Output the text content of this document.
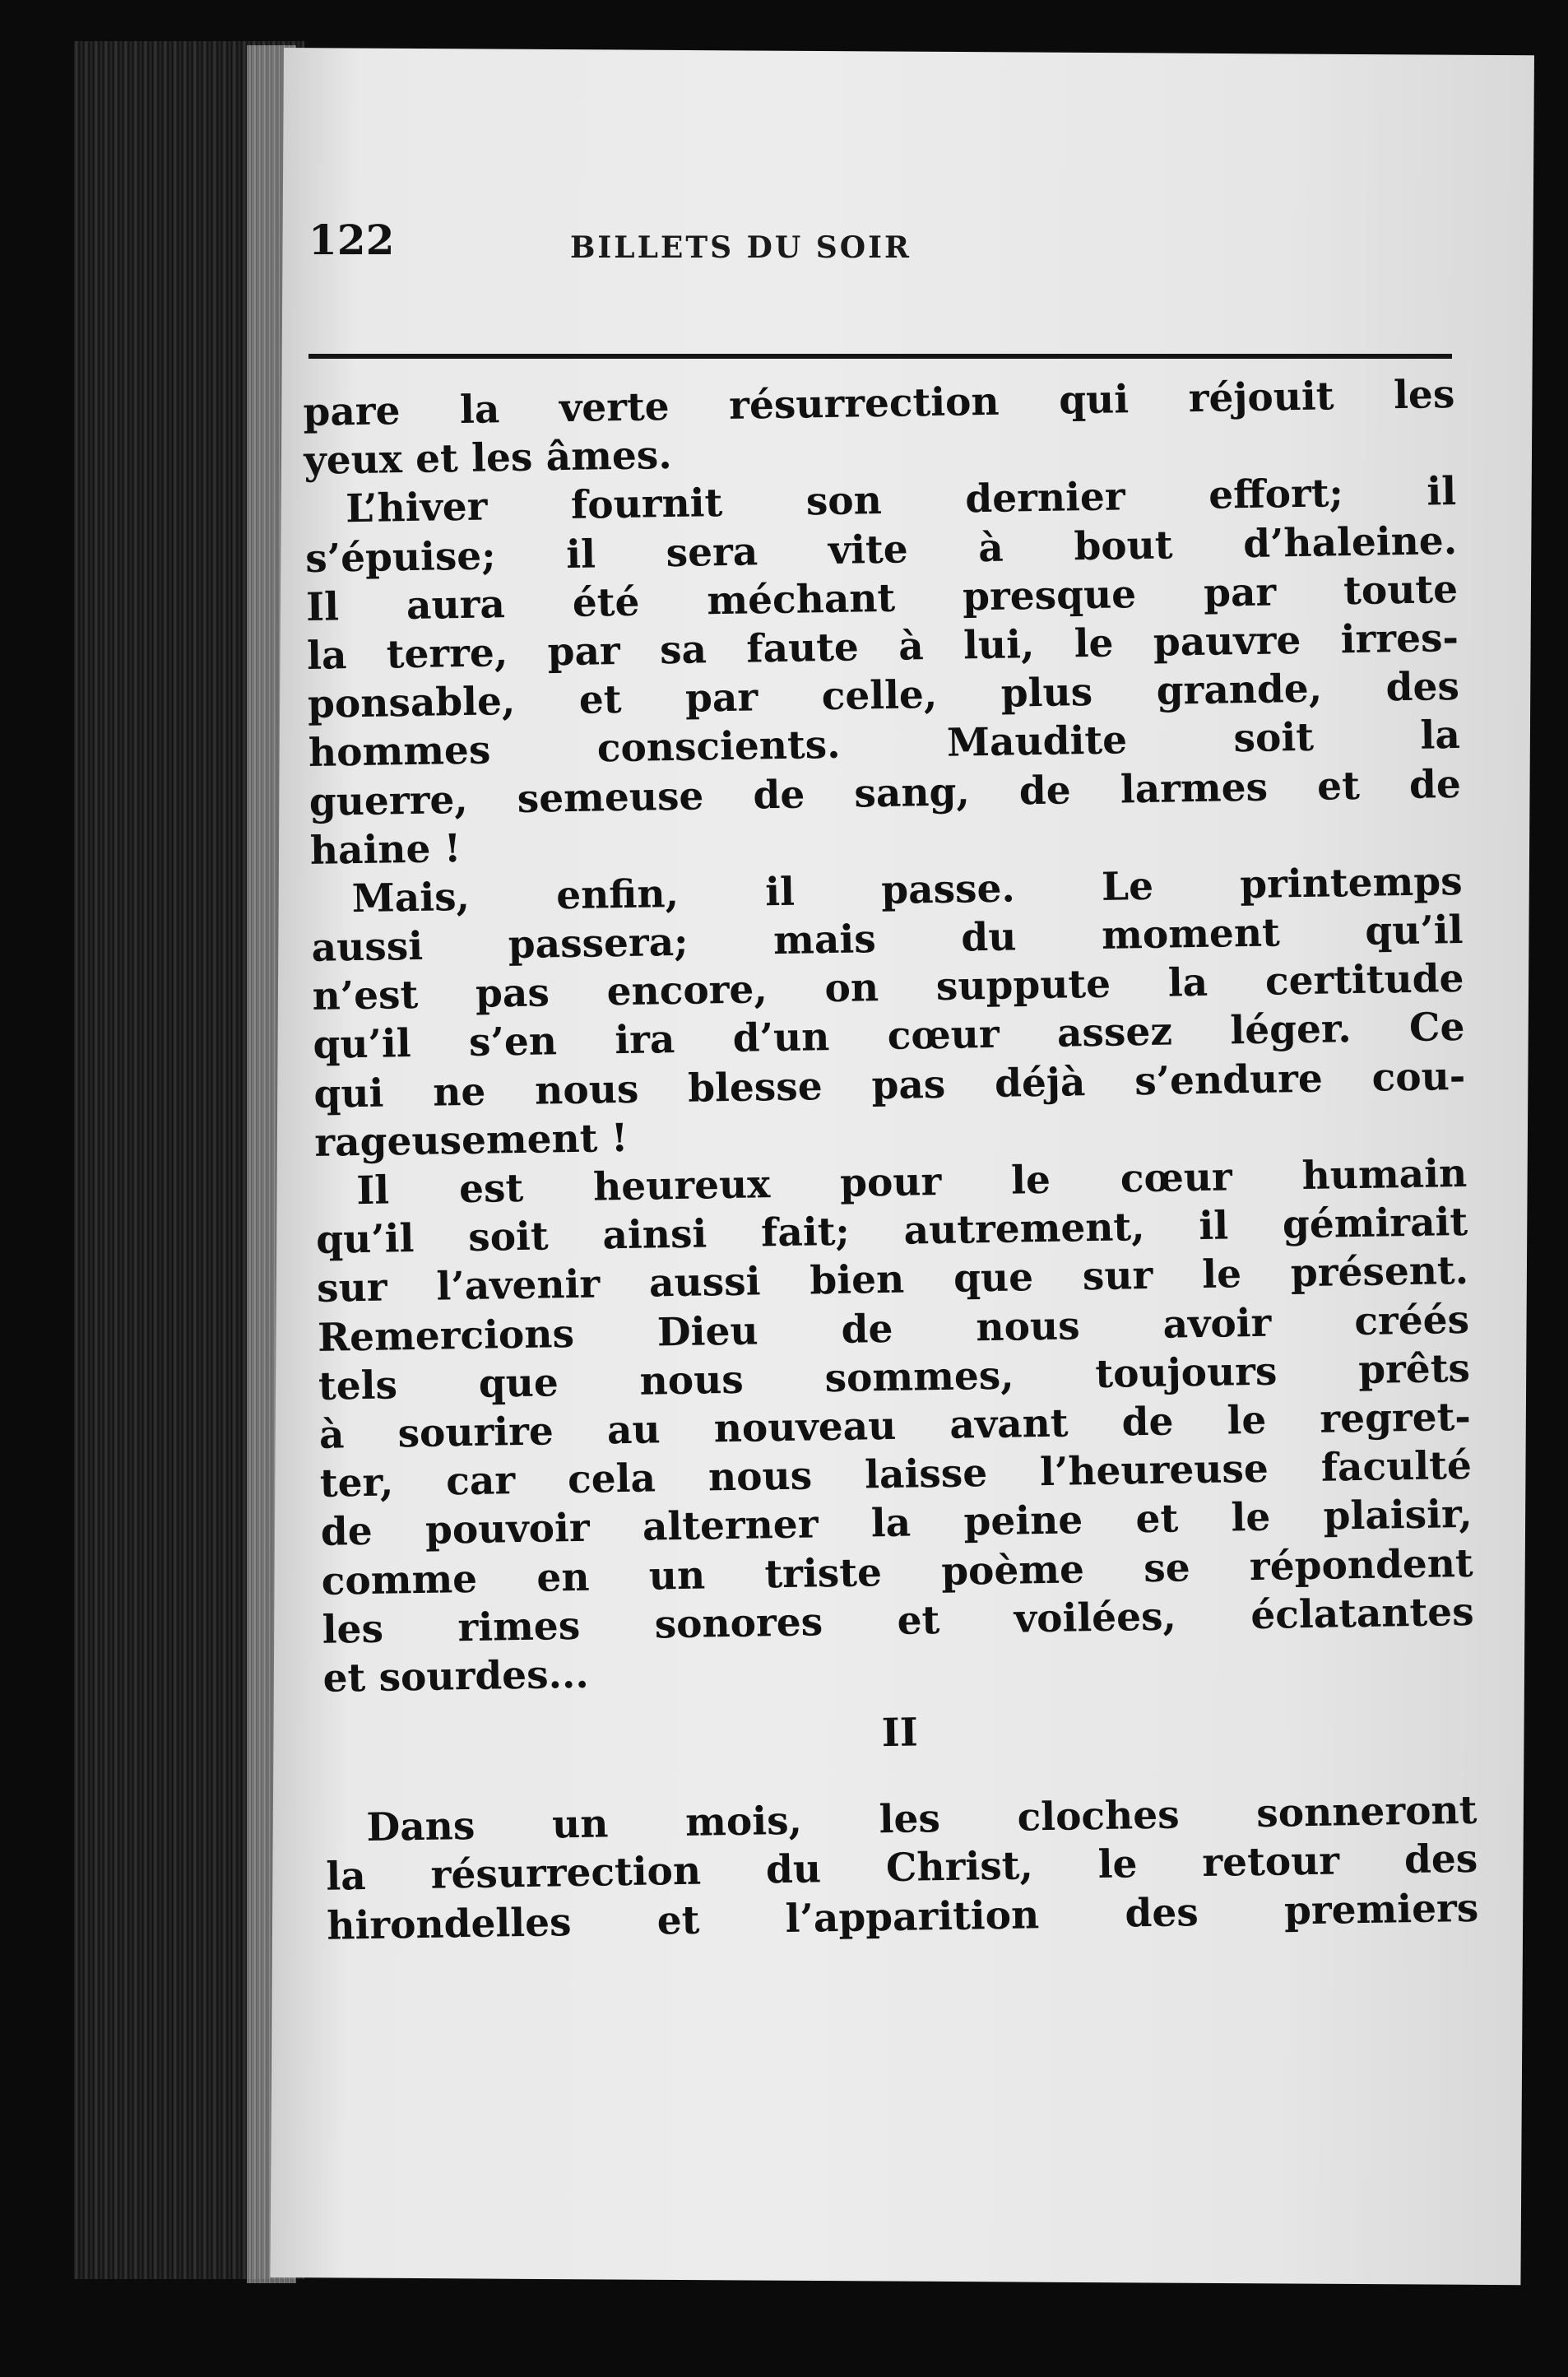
122	BILLETS DU SOIR
pare la verte résurrection qui réjouit les
yeux et les âmes.
L’hiver fournit son dernier effort; il
s’épuise; il sera vite à bout d’haleine.
Il aura été méchant presque par toute
la terre, par sa faute à lui, le pauvre irres-
ponsable, et par celle, plus grande, des
hommes conscients. Maudite soit la
guerre, semeuse de sang, de larmes et de
haine !
Mais, enfin, il passe. Le printemps
aussi passera; mais du moment qu’il
n’est pas encore, on suppute la certitude
qu’il s’en ira d’un cœur assez léger. Ce
qui ne nous blesse pas déjà s’endure cou-
rageusement !
Il est heureux pour le cœur humain
qu’il soit ainsi fait; autrement, il gémirait
sur l’avenir aussi bien que sur le présent.
Remercions Dieu de nous avoir créés
tels que nous sommes, toujours prêts
à sourire au nouveau avant de le regret-
ter, car cela nous laisse l’heureuse faculté
de pouvoir alterner la peine et le plaisir,
comme en un triste poème se répondent
les rimes sonores et voilées, éclatantes
et sourdes...
II
Dans un mois, les cloches sonneront
la résurrection du Christ, le retour des
hirondelles et l’apparition des premiers
